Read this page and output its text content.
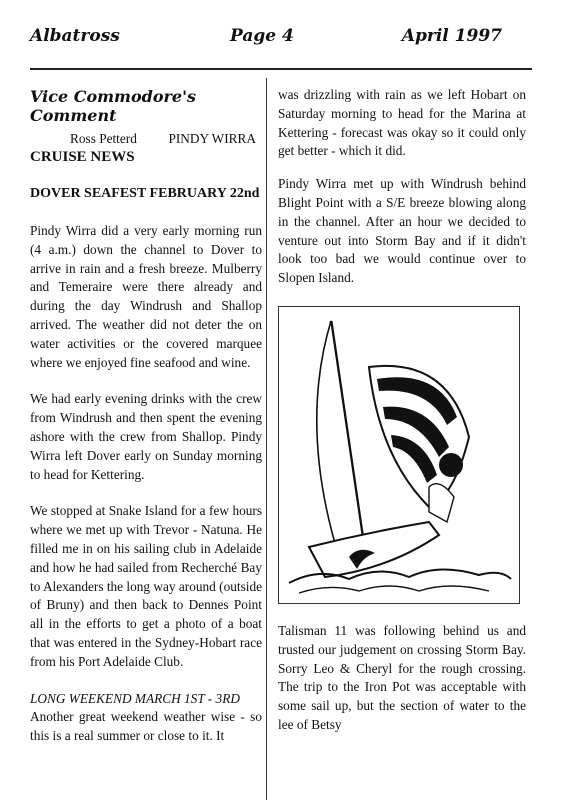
Albatross	Page 4	April 1997
Vice Commodore's Comment
Ross Petterd PINDY WIRRA
CRUISE NEWS
DOVER SEAFEST FEBRUARY 22nd

Pindy Wirra did a very early morning run (4 a.m.) down the channel to Dover to arrive in rain and a fresh breeze. Mulberry and Temeraire were there already and during the day Windrush and Shallop arrived. The weather did not deter the on water activities or the covered marquee where we enjoyed fine seafood and wine.

We had early evening drinks with the crew from Windrush and then spent the evening ashore with the crew from Shallop. Pindy Wirra left Dover early on Sunday morning to head for Kettering.

We stopped at Snake Island for a few hours where we met up with Trevor - Natuna. He filled me in on his sailing club in Adelaide and how he had sailed from Recherché Bay to Alexanders the long way around (outside of Bruny) and then back to Dennes Point all in the efforts to get a photo of a boat that was entered in the Sydney-Hobart race from his Port Adelaide Club.

LONG WEEKEND MARCH 1ST - 3RD

Another great weekend weather wise - so this is a real summer or close to it. It

was drizzling with rain as we left Hobart on Saturday morning to head for the Marina at Kettering - forecast was okay so it could only get better - which it did.

Pindy Wirra met up with Windrush behind Blight Point with a S/E breeze blowing along in the channel. After an hour we decided to venture out into Storm Bay and if it didn't look too bad we would continue over to Slopen Island.

Talisman 11 was following behind us and trusted our judgement on crossing Storm Bay. Sorry Leo & Cheryl for the rough crossing. The trip to the Iron Pot was acceptable with some sail up, but the section of water to the lee of Betsy
